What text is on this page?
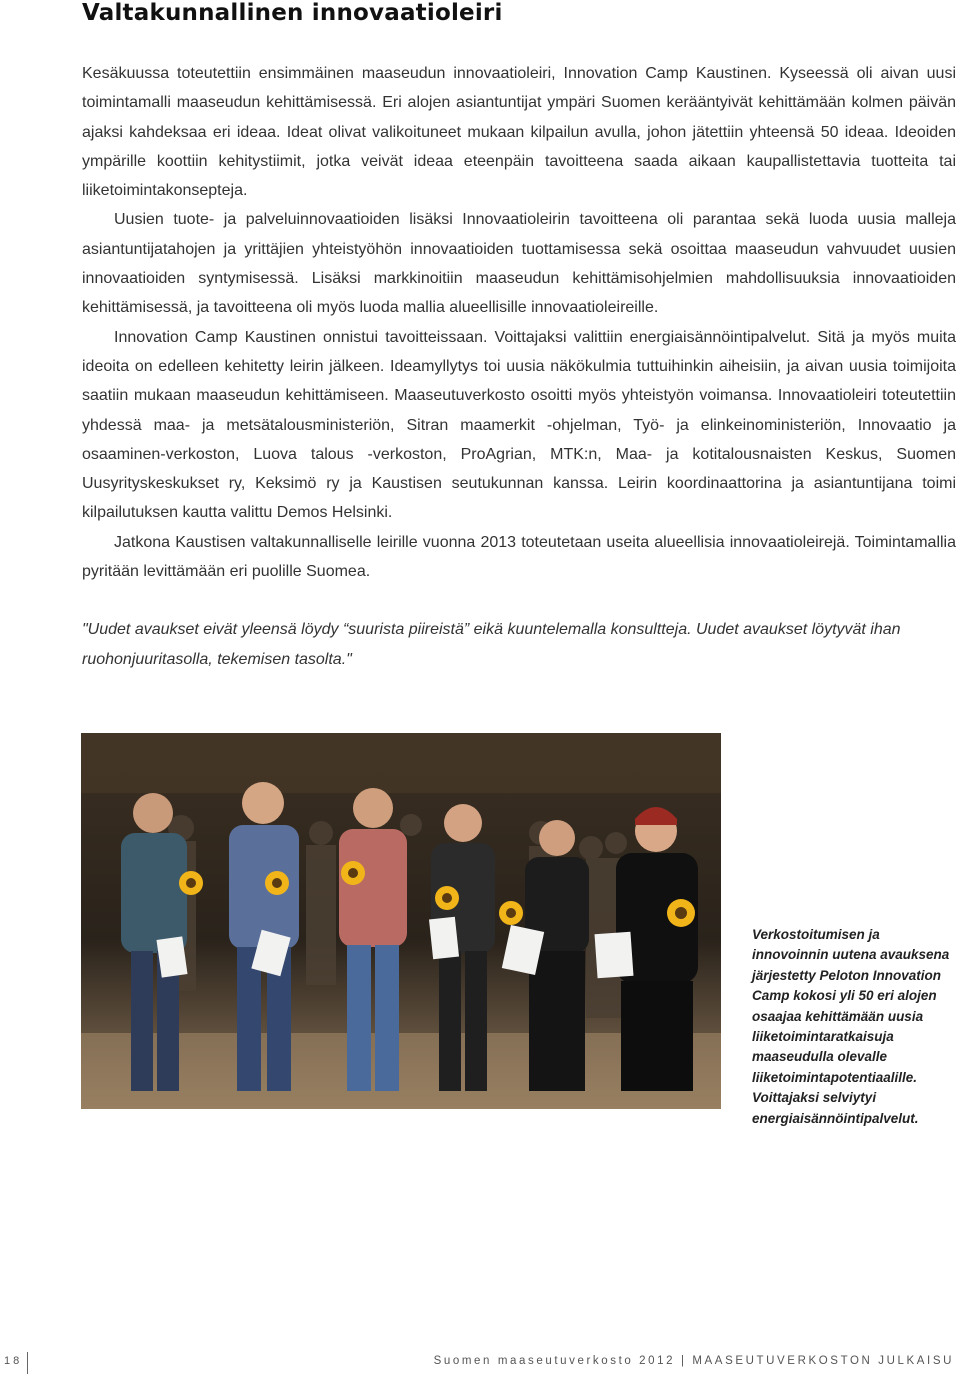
Valtakunnallinen innovaatioleiri

Kesäkuussa toteutettiin ensimmäinen maaseudun innovaatioleiri, Innovation Camp Kaustinen. Kyseessä oli aivan uusi toimintamalli maaseudun kehittämisessä. Eri alojen asiantuntijat ympäri Suomen kerääntyivät kehittämään kolmen päivän ajaksi kahdeksaa eri ideaa. Ideat olivat valikoituneet mukaan kilpailun avulla, johon jätettiin yhteensä 50 ideaa. Ideoiden ympärille koottiin kehitystiimit, jotka veivät ideaa eteenpäin tavoitteena saada aikaan kaupallistettavia tuotteita tai liiketoimintakonsepteja.

Uusien tuote- ja palveluinnovaatioiden lisäksi Innovaatioleirin tavoitteena oli parantaa sekä luoda uusia malleja asiantuntijatahojen ja yrittäjien yhteistyöhön innovaatioiden tuottamisessa sekä osoittaa maaseudun vahvuudet uusien innovaatioiden syntymisessä. Lisäksi markkinoitiin maaseudun kehittämisohjelmien mahdollisuuksia innovaatioiden kehittämisessä, ja tavoitteena oli myös luoda mallia alueellisille innovaatioleireille.

Innovation Camp Kaustinen onnistui tavoitteissaan. Voittajaksi valittiin energiaisännöintipalvelut. Sitä ja myös muita ideoita on edelleen kehitetty leirin jälkeen. Ideamyllytys toi uusia näkökulmia tuttuihinkin aiheisiin, ja aivan uusia toimijoita saatiin mukaan maaseudun kehittämiseen. Maaseutuverkosto osoitti myös yhteistyön voimansa. Innovaatioleiri toteutettiin yhdessä maa- ja metsätalousministeriön, Sitran maamerkit -ohjelman, Työ- ja elinkeinoministeriön, Innovaatio ja osaaminen-verkoston, Luova talous -verkoston, ProAgrian, MTK:n, Maa- ja kotitalousnaisten Keskus, Suomen Uusyrityskeskukset ry, Keksimö ry ja Kaustisen seutukunnan kanssa. Leirin koordinaattorina ja asiantuntijana toimi kilpailutuksen kautta valittu Demos Helsinki.

Jatkona Kaustisen valtakunnalliselle leirille vuonna 2013 toteutetaan useita alueellisia innovaatioleirejä. Toimintamallia pyritään levittämään eri puolille Suomea.

"Uudet avaukset eivät yleensä löydy “suurista piireistä” eikä kuuntelemalla konsultteja. Uudet avaukset löytyvät ihan ruohonjuuritasolla, tekemisen tasolta."
Verkostoitumisen ja innovoinnin uutena avauksena järjestetty Peloton Innovation Camp kokosi yli 50 eri alojen osaajaa kehittämään uusia liiketoimintaratkaisuja maaseudulla olevalle liiketoimintapotentiaalille. Voittajaksi selviytyi energiaisännöintipalvelut.
18	Suomen maaseutuverkosto 2012 | MAASEUTUVERKOSTON JULKAISU
